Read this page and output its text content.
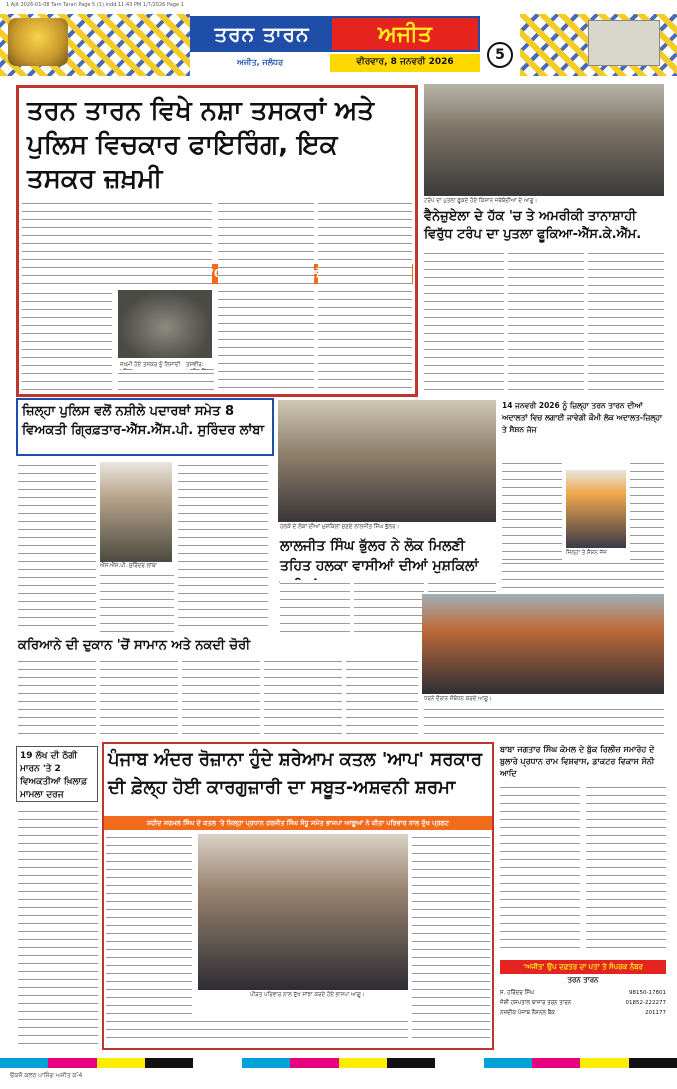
1 Ajit 2026-01-08 Tarn Taran Page 5 (1).indd 11:43 PM 1/7/2026 Page 1
ਤਰਨ ਤਾਰਨ	ਅਜੀਤ
ਅਜੀਤ, ਜਲੰਧਰ	ਵੀਰਵਾਰ, 8 ਜਨਵਰੀ 2026	5
ਤਰਨ ਤਾਰਨ ਵਿਖੇ ਨਸ਼ਾ ਤਸਕਰਾਂ ਅਤੇ ਪੁਲਿਸ ਵਿਚਕਾਰ ਫਾਇਰਿੰਗ, ਇਕ ਤਸਕਰ ਜ਼ਖ਼ਮੀ
ਜ਼ਖ਼ਮੀ ਹੋਏ ਤਸਕਰ ਨੂੰ ਲਿਜਾਂਦੀ	ਤਸਵੀਰ:
ਟਰੰਪ ਦਾ ਪੁਤਲਾ ਫੂਕਦੇ ਹੋਏ ਕਿਸਾਨ ਜਥੇਬੰਦੀਆਂ ਦੇ ਆਗੂ।
ਵੈਨੇਜ਼ੁਏਲਾ ਦੇ ਹੱਕ 'ਚ ਤੇ ਅਮਰੀਕੀ ਤਾਨਾਸ਼ਾਹੀ ਵਿਰੁੱਧ ਟਰੰਪ ਦਾ ਪੁਤਲਾ ਫੂਕਿਆ-ਐੱਸ.ਕੇ.ਐੱਮ.
ਜ਼ਿਲ੍ਹਾ ਪੁਲਿਸ ਵਲੋਂ ਨਸ਼ੀਲੇ ਪਦਾਰਥਾਂ ਸਮੇਤ 8 ਵਿਅਕਤੀ ਗ੍ਰਿਫ਼ਤਾਰ-ਐੱਸ.ਐੱਸ.ਪੀ. ਸੁਰਿੰਦਰ ਲਾਂਬਾ
ਐੱਸ.ਐੱਸ.ਪੀ. ਸੁਰਿੰਦਰ ਲਾਂਬਾ
ਹਲਕੇ ਦੇ ਲੋਕਾਂ ਦੀਆਂ ਮੁਸ਼ਕਿਲਾਂ ਸੁਣਦੇ ਲਾਲਜੀਤ ਸਿੰਘ ਭੁੱਲਰ।
ਲਾਲਜੀਤ ਸਿੰਘ ਭੁੱਲਰ ਨੇ ਲੋਕ ਮਿਲਣੀ ਤਹਿਤ ਹਲਕਾ ਵਾਸੀਆਂ ਦੀਆਂ ਮੁਸ਼ਕਿਲਾਂ
14 ਜਨਵਰੀ 2026 ਨੂੰ ਜ਼ਿਲ੍ਹਾ ਤਰਨ ਤਾਰਨ ਦੀਆਂ ਅਦਾਲਤਾਂ ਵਿਚ ਲਗਾਈ ਜਾਵੇਗੀ ਕੌਮੀ ਲੋਕ ਅਦਾਲਤ-ਜ਼ਿਲ੍ਹਾ ਤੇ ਸੈਸ਼ਨ ਜੱਜ
ਜ਼ਿਲ੍ਹਾ ਤੇ ਸੈਸ਼ਨ ਜੱਜ
ਧਰਨੇ ਦੌਰਾਨ ਸੰਬੋਧਨ ਕਰਦੇ ਆਗੂ।
ਕਰਿਆਨੇ ਦੀ ਦੁਕਾਨ 'ਚੋਂ ਸਾਮਾਨ ਅਤੇ ਨਕਦੀ ਚੋਰੀ
19 ਲੱਖ ਦੀ ਠੱਗੀ ਮਾਰਨ 'ਤੇ 2 ਵਿਅਕਤੀਆਂ ਖ਼ਿਲਾਫ਼ ਮਾਮਲਾ ਦਰਜ
ਪੰਜਾਬ ਅੰਦਰ ਰੋਜ਼ਾਨਾ ਹੁੰਦੇ ਸ਼ਰੇਆਮ ਕਤਲ 'ਆਪ' ਸਰਕਾਰ ਦੀ ਫ਼ੇਲ੍ਹ ਹੋਈ ਕਾਰਗੁਜ਼ਾਰੀ ਦਾ ਸਬੂਤ-ਅਸ਼ਵਨੀ ਸ਼ਰਮਾ
ਸ਼ਹੀਦ ਜਰਮਲ ਸਿੰਘ ਦੇ ਕਤਲ 'ਤੇ ਜ਼ਿਲ੍ਹਾ ਪ੍ਰਧਾਨ ਹਰਜੀਤ ਸਿੰਘ ਸੰਧੂ ਸਮੇਤ ਭਾਜਪਾ ਆਗੂਆਂ ਨੇ ਕੀਤਾ ਪਰਿਵਾਰ ਨਾਲ ਦੁੱਖ ਪ੍ਰਗਟ
ਪੀੜਤ ਪਰਿਵਾਰ ਨਾਲ ਦੁੱਖ ਸਾਂਝਾ ਕਰਦੇ ਹੋਏ ਭਾਜਪਾ ਆਗੂ।
ਬਾਬਾ ਜਗਤਾਰ ਸਿੰਘ ਕੋਮਲ ਦੇ ਬੁੱਕ ਰਿਲੀਜ਼ ਸਮਾਰੋਹ ਦੇ ਬੁਲਾਰੇ ਪ੍ਰਧਾਨ ਰਾਮ ਵਿਸ਼ਵਾਸ, ਡਾਕਟਰ ਵਿਕਾਸ ਸੋਨੀ ਆਦਿ
'ਅਜੀਤ' ਉਪ ਦਫ਼ਤਰ ਦਾ ਪਤਾ ਤੇ ਸੰਪਰਕ ਨੰਬਰ
ਤਰਨ ਤਾਰਨ
ਸ. ਹਰਿੰਦਰ ਸਿੰਘ	98150-17801
ਜੋਸ਼ੀ ਹਸਪਤਾਲ ਬਾਜ਼ਾਰ ਤਰਨ ਤਾਰਨ	01852-222277
ਨਜ਼ਦੀਕ ਪੰਜਾਬ ਨੈਸ਼ਨਲ ਬੈਂਕ	201177
ੳਕਸੌ ਕਲਰ ਪਾਸਿੰਗ ਅਜੀਤ ਕ-ੱ4
